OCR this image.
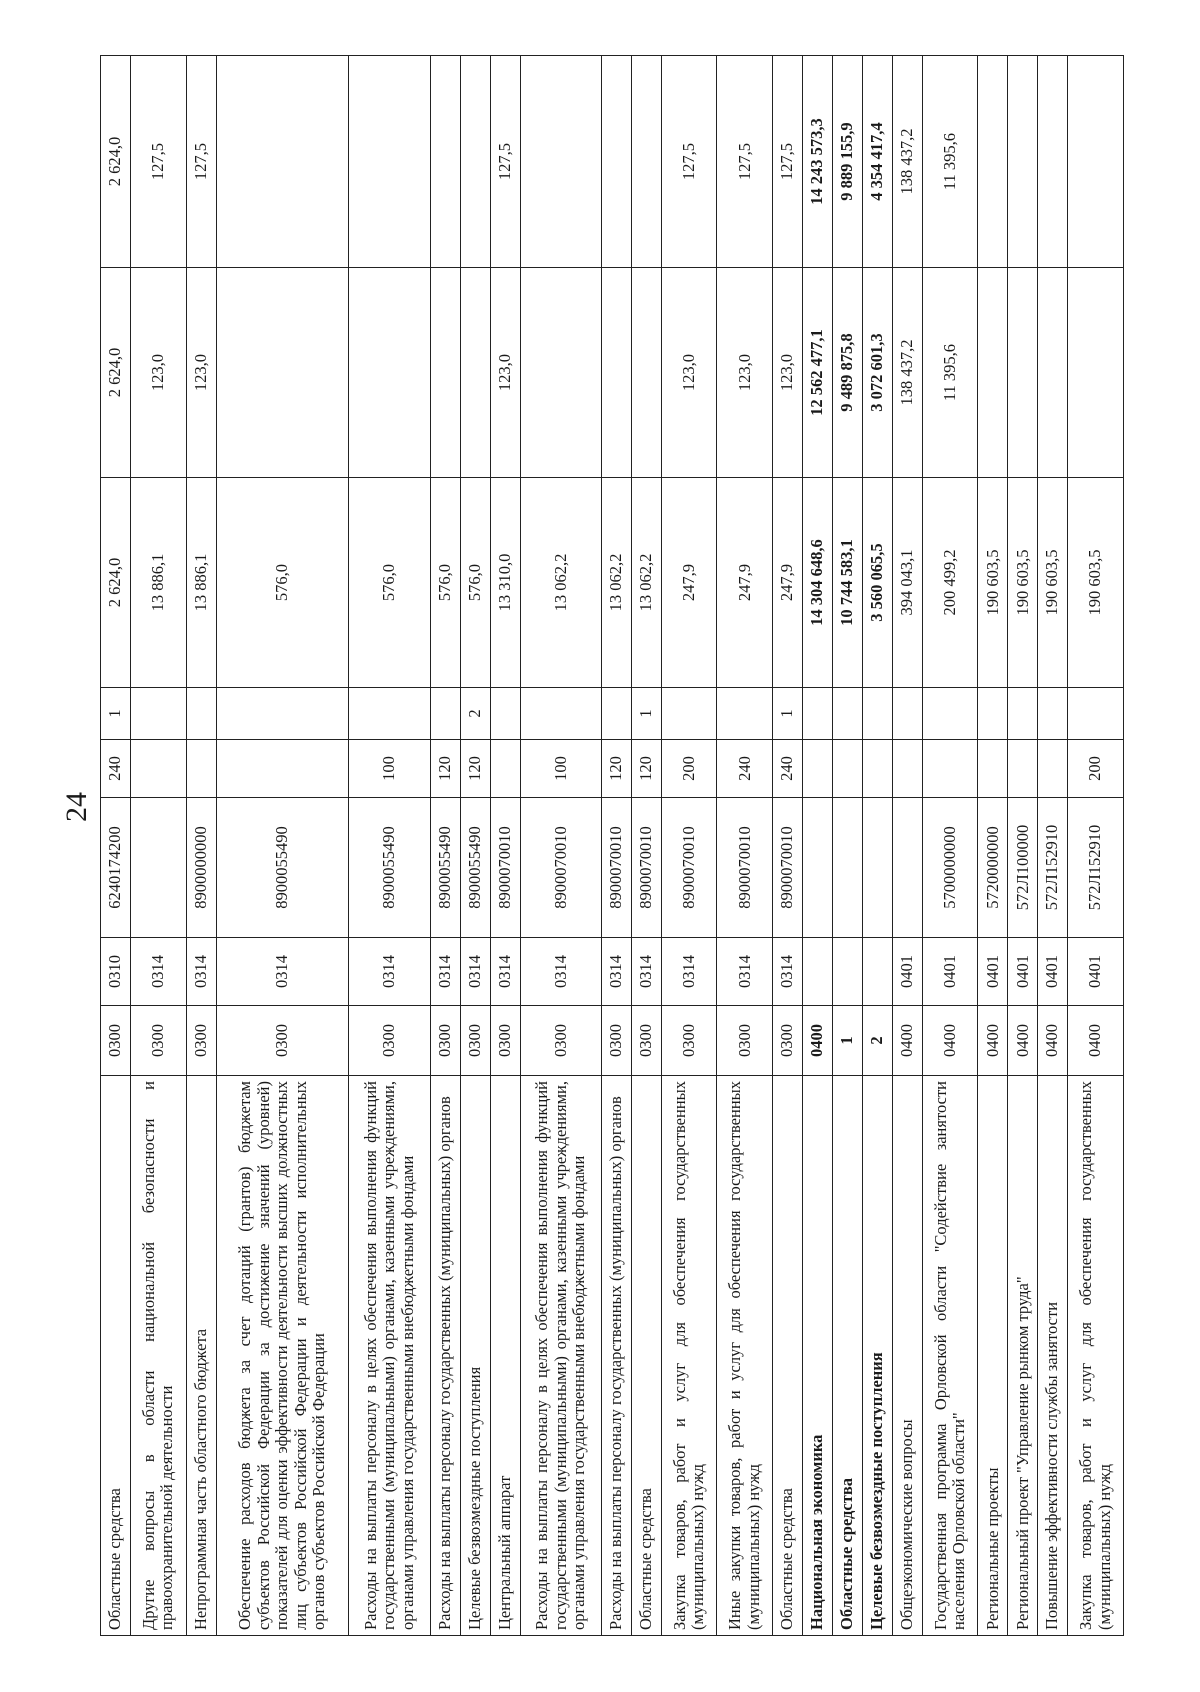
24
Областные средства	0300	0310	6240174200	240	1	2 624,0	2 624,0	2 624,0
Другие вопросы в области национальной безопасности и правоохранительной деятельности	0300	0314				13 886,1	123,0	127,5
Непрограммная часть областного бюджета	0300	0314	8900000000			13 886,1	123,0	127,5
Обеспечение расходов бюджета за счет дотаций (грантов) бюджетам субъектов Российской Федерации за достижение значений (уровней) показателей для оценки эффективности деятельности высших должностных лиц субъектов Российской Федерации и деятельности исполнительных органов субъектов Российской Федерации	0300	0314	8900055490			576,0		
Расходы на выплаты персоналу в целях обеспечения выполнения функций государственными (муниципальными) органами, казенными учреждениями, органами управления государственными внебюджетными фондами	0300	0314	8900055490	100		576,0		
Расходы на выплаты персоналу государственных (муниципальных) органов	0300	0314	8900055490	120		576,0		
Целевые безвозмездные поступления	0300	0314	8900055490	120	2	576,0		
Центральный аппарат	0300	0314	8900070010			13 310,0	123,0	127,5
Расходы на выплаты персоналу в целях обеспечения выполнения функций государственными (муниципальными) органами, казенными учреждениями, органами управления государственными внебюджетными фондами	0300	0314	8900070010	100		13 062,2		
Расходы на выплаты персоналу государственных (муниципальных) органов	0300	0314	8900070010	120		13 062,2		
Областные средства	0300	0314	8900070010	120	1	13 062,2		
Закупка товаров, работ и услуг для обеспечения государственных (муниципальных) нужд	0300	0314	8900070010	200		247,9	123,0	127,5
Иные закупки товаров, работ и услуг для обеспечения государственных (муниципальных) нужд	0300	0314	8900070010	240		247,9	123,0	127,5
Областные средства	0300	0314	8900070010	240	1	247,9	123,0	127,5
Национальная экономика	0400					14 304 648,6	12 562 477,1	14 243 573,3
Областные средства	1					10 744 583,1	9 489 875,8	9 889 155,9
Целевые безвозмездные поступления	2					3 560 065,5	3 072 601,3	4 354 417,4
Общеэкономические вопросы	0400	0401				394 043,1	138 437,2	138 437,2
Государственная программа Орловской области "Содействие занятости населения Орловской области"	0400	0401	5700000000			200 499,2	11 395,6	11 395,6
Региональные проекты	0400	0401	5720000000			190 603,5		
Региональный проект "Управление рынком труда"	0400	0401	572Л100000			190 603,5		
Повышение эффективности службы занятости	0400	0401	572Л152910			190 603,5		
Закупка товаров, работ и услуг для обеспечения государственных (муниципальных) нужд	0400	0401	572Л152910	200		190 603,5		
